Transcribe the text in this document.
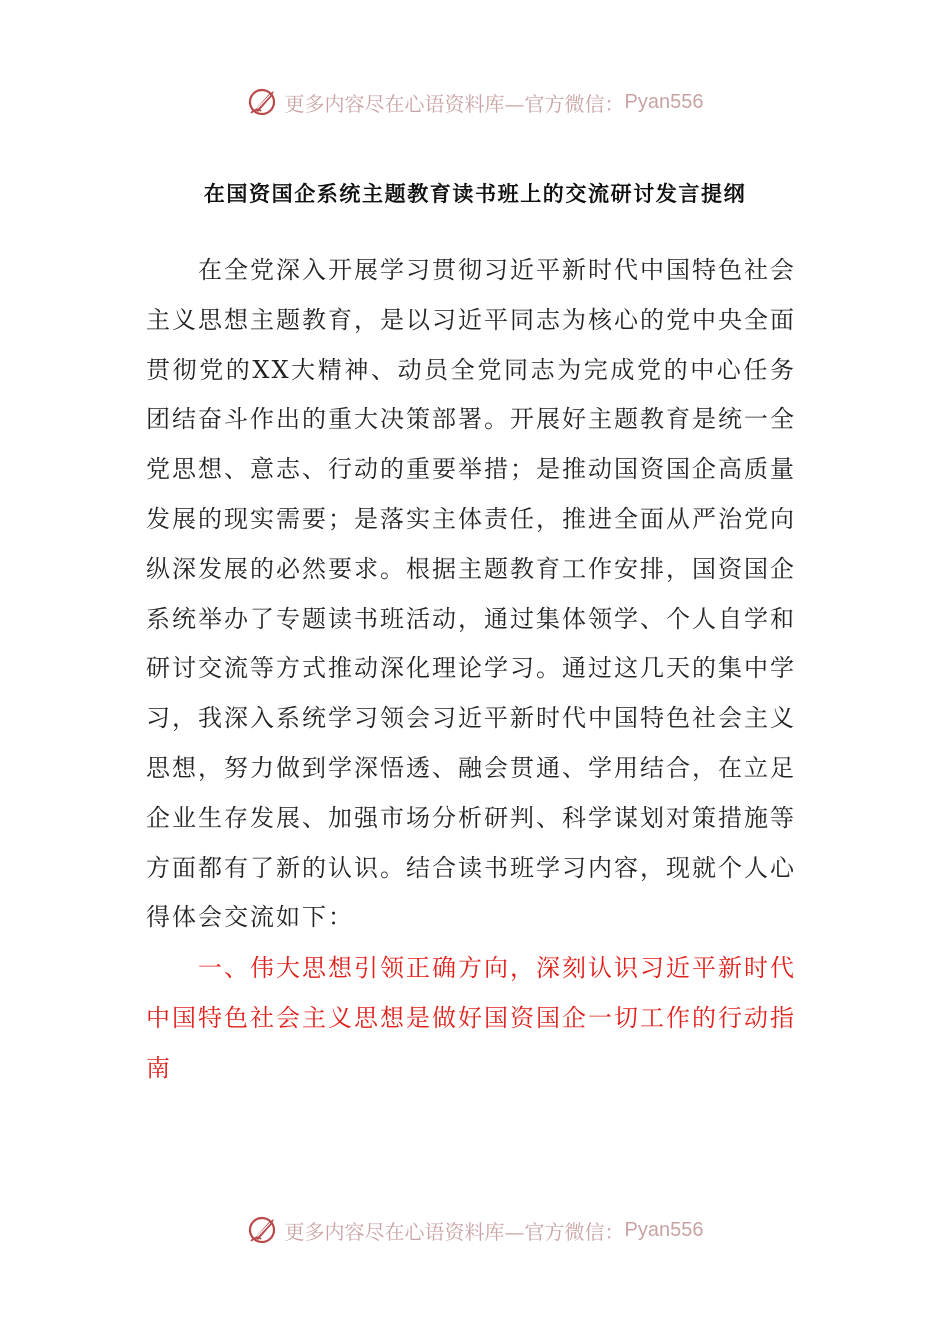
更多内容尽在心语资料库—官方微信： Pyan556
在国资国企系统主题教育读书班上的交流研讨发言提纲

在全党深入开展学习贯彻习近平新时代中国特色社会主义思想主题教育，是以习近平同志为核心的党中央全面贯彻党的XX大精神、动员全党同志为完成党的中心任务团结奋斗作出的重大决策部署。开展好主题教育是统一全党思想、意志、行动的重要举措；是推动国资国企高质量发展的现实需要；是落实主体责任，推进全面从严治党向纵深发展的必然要求。根据主题教育工作安排，国资国企系统举办了专题读书班活动，通过集体领学、个人自学和研讨交流等方式推动深化理论学习。通过这几天的集中学习，我深入系统学习领会习近平新时代中国特色社会主义思想，努力做到学深悟透、融会贯通、学用结合，在立足企业生存发展、加强市场分析研判、科学谋划对策措施等方面都有了新的认识。结合读书班学习内容，现就个人心得体会交流如下：

一、伟大思想引领正确方向，深刻认识习近平新时代中国特色社会主义思想是做好国资国企一切工作的行动指南

更多内容尽在心语资料库—官方微信： Pyan556
